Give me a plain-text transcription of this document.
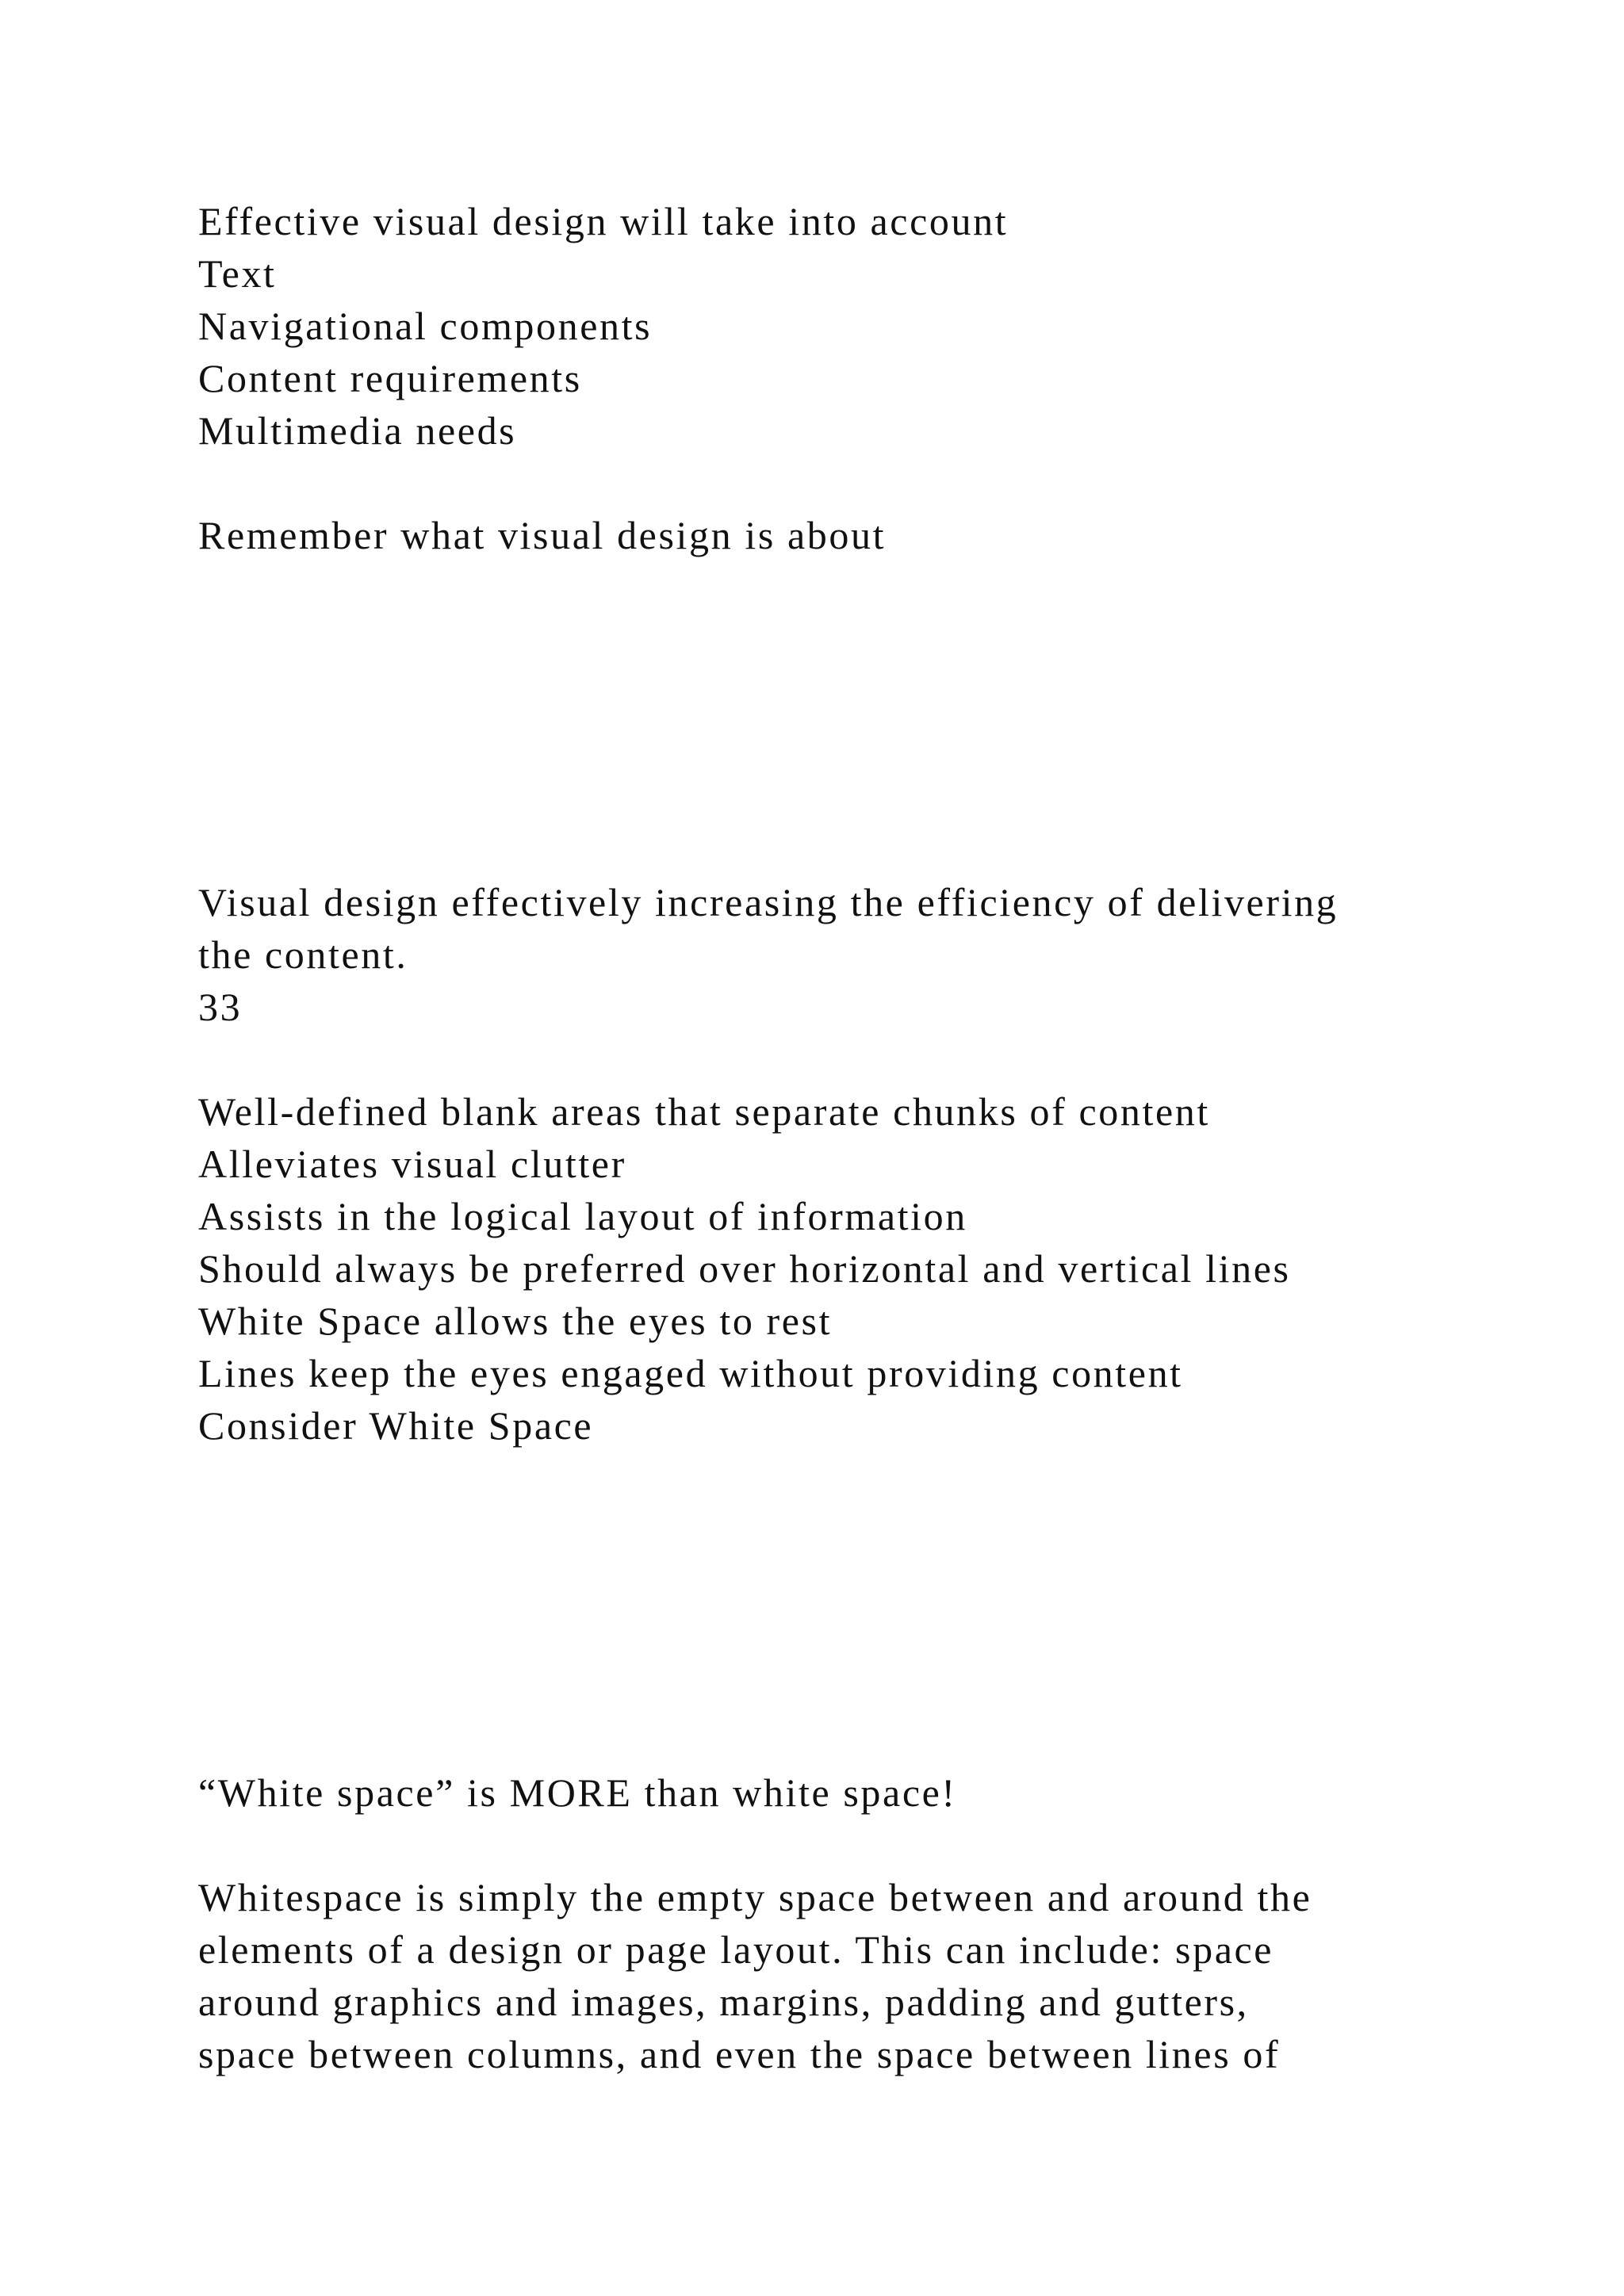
Effective visual design will take into account

Text

Navigational components

Content requirements

Multimedia needs

Remember what visual design is about

Visual design effectively increasing the efficiency of delivering

the content.

33

Well-defined blank areas that separate chunks of content

Alleviates visual clutter

Assists in the logical layout of information

Should always be preferred over horizontal and vertical lines

White Space allows the eyes to rest

Lines keep the eyes engaged without providing content

Consider White Space

“White space” is MORE than white space!

Whitespace is simply the empty space between and around the

elements of a design or page layout. This can include: space

around graphics and images, margins, padding and gutters,

space between columns, and even the space between lines of
